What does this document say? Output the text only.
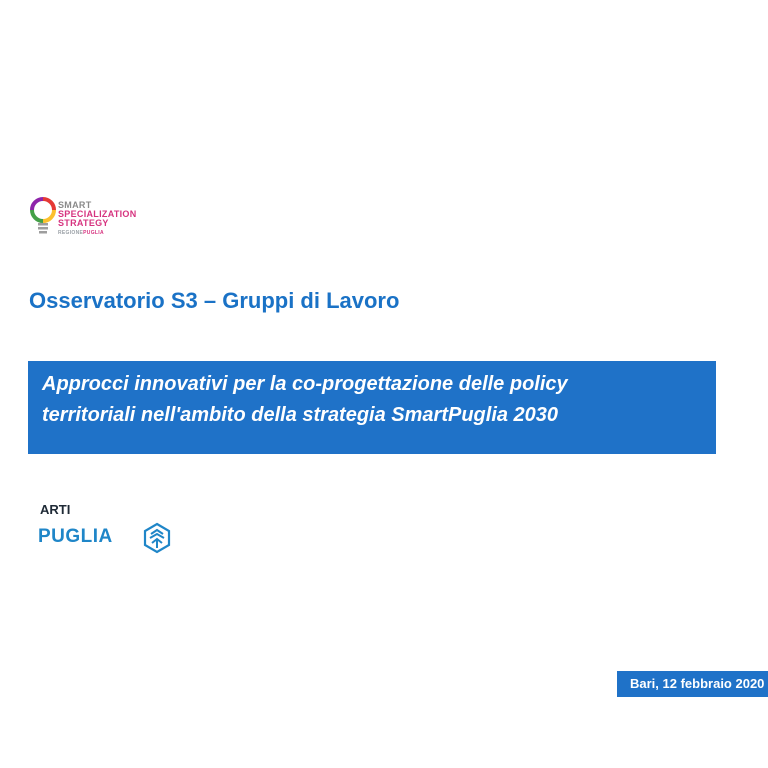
SMART
SPECIALIZATION
STRATEGY
REGIONEPUGLIA
Osservatorio S3 – Gruppi di Lavoro
Approcci innovativi per la co-progettazione delle policy
territoriali nell'ambito della strategia SmartPuglia 2030
ARTI
PUGLIA
Bari, 12 febbraio 2020
